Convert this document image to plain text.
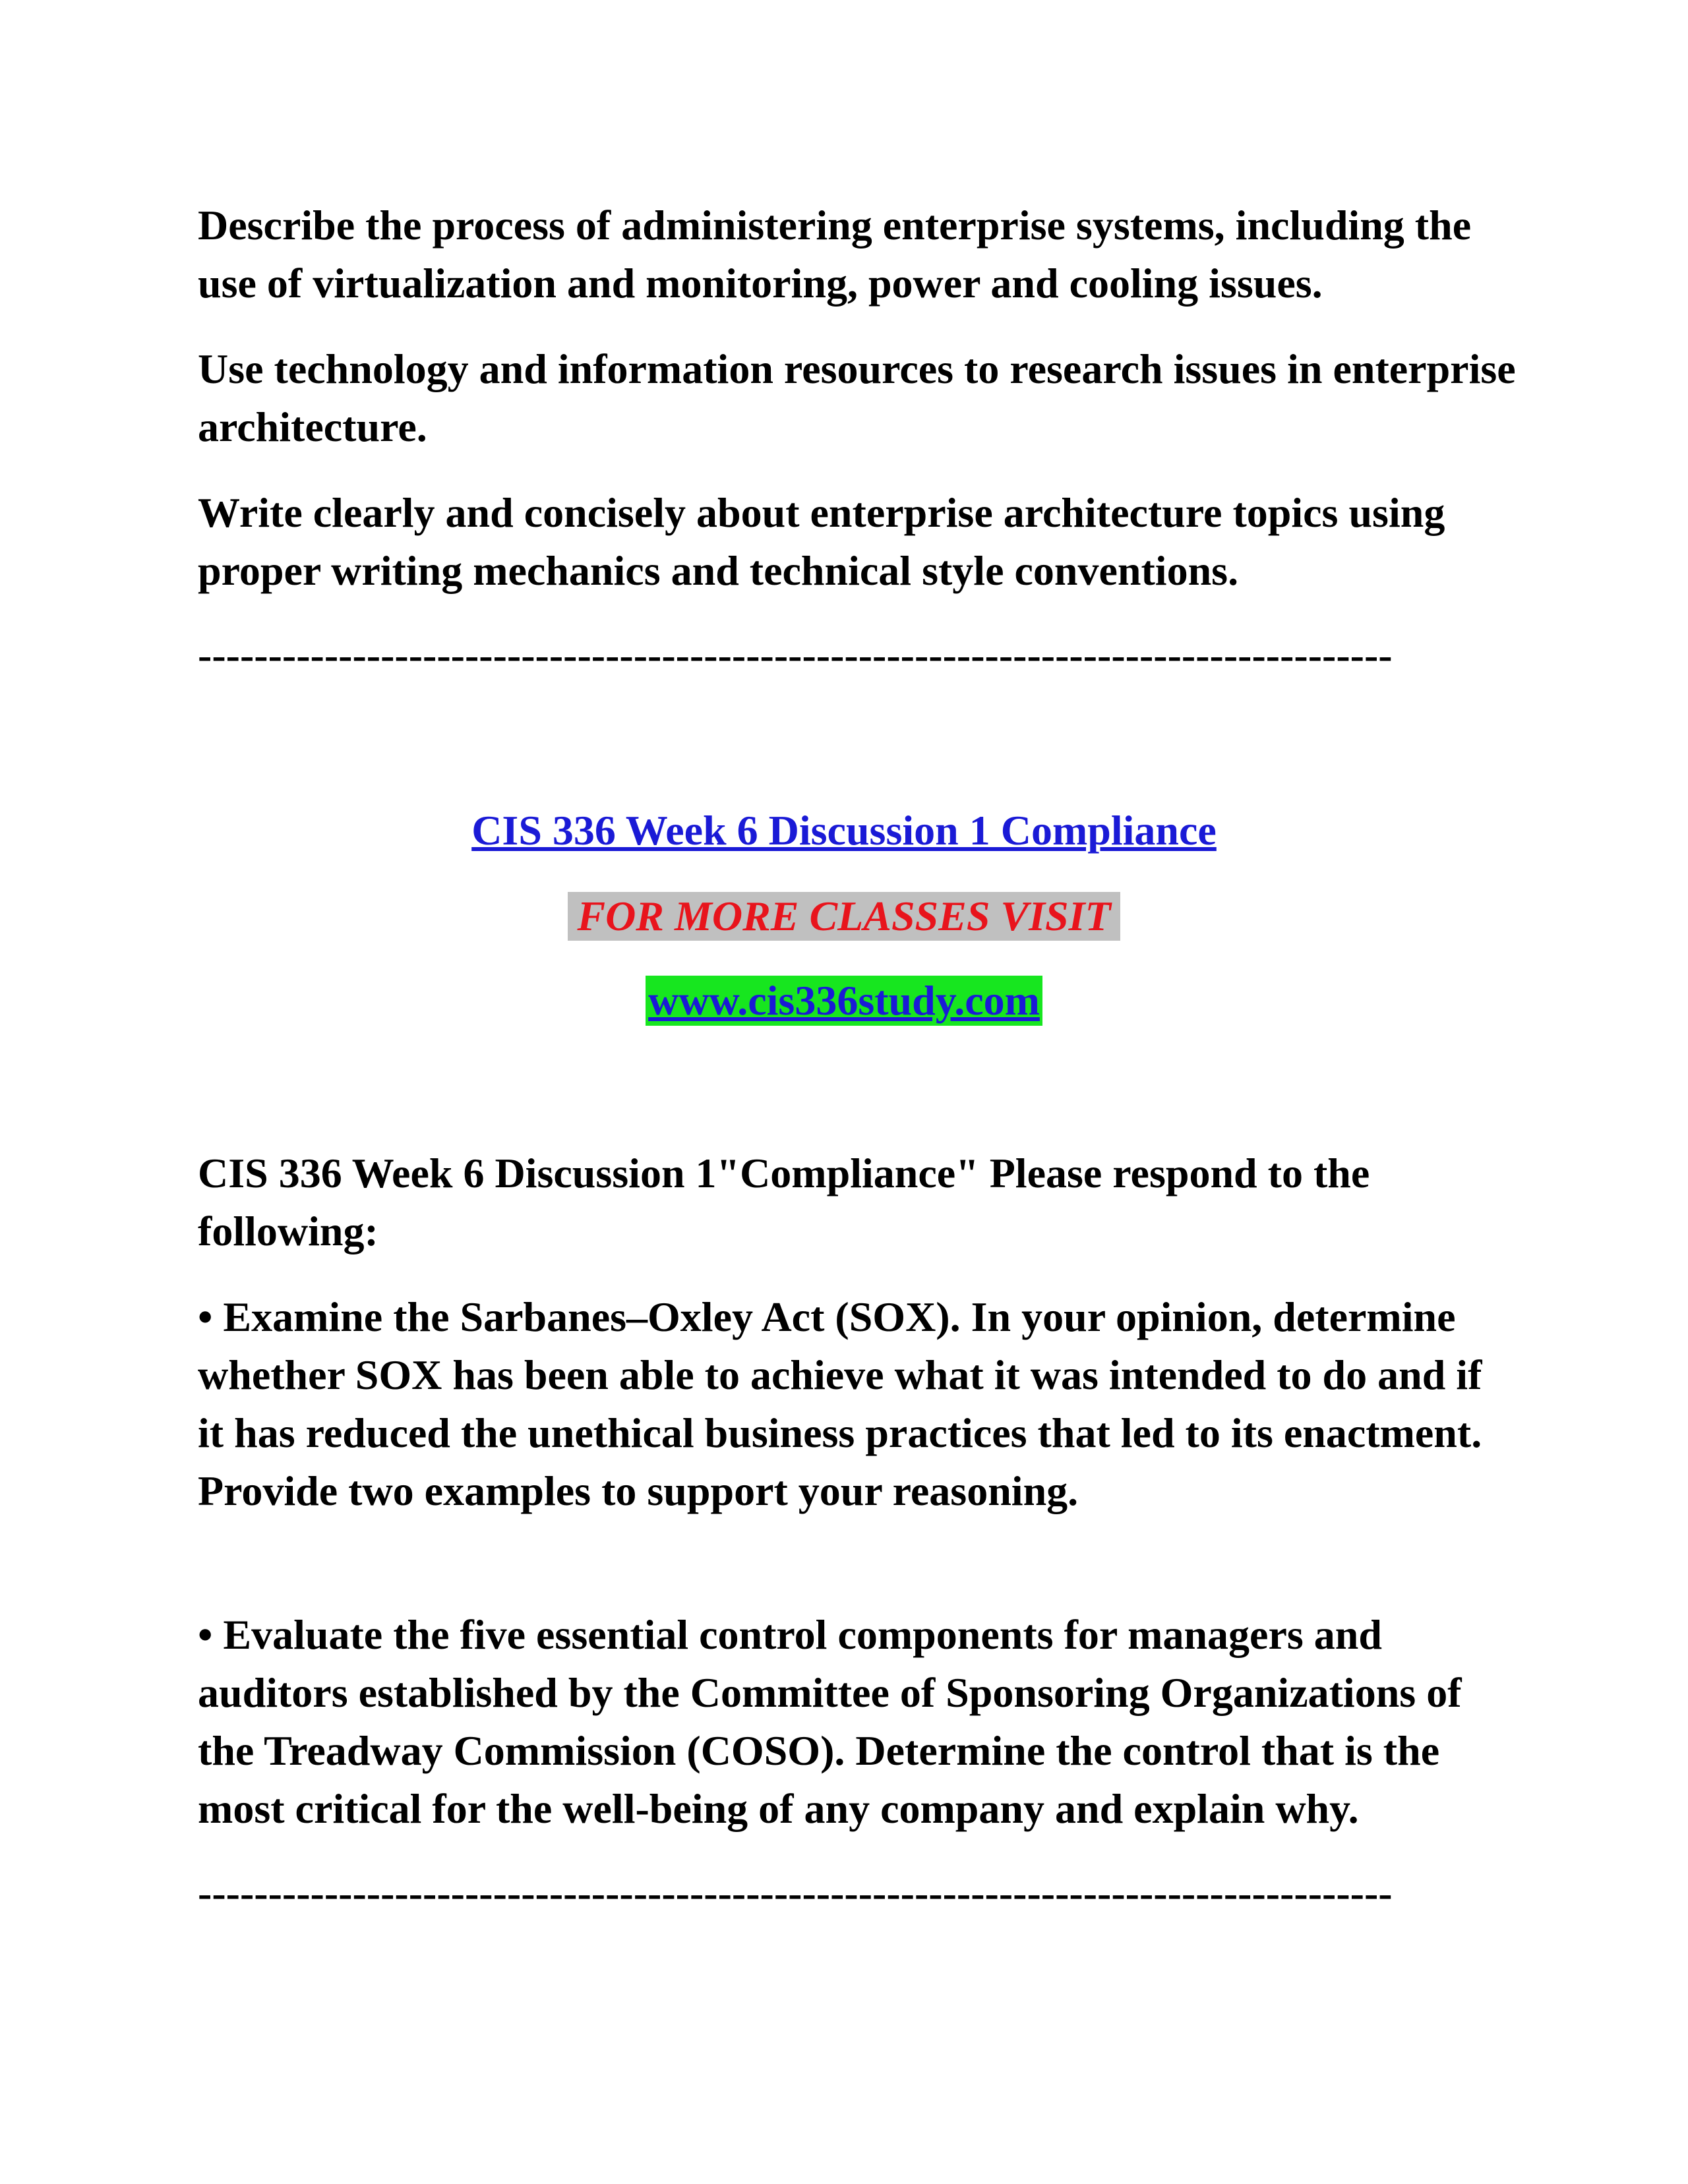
Describe the process of administering enterprise systems, including the use of virtualization and monitoring, power and cooling issues.

Use technology and information resources to research issues in enterprise architecture.

Write clearly and concisely about enterprise architecture topics using proper writing mechanics and technical style conventions.

-------------------------------------------------------------------------------------
CIS 336 Week 6 Discussion 1 Compliance
FOR MORE CLASSES VISIT
www.cis336study.com

CIS 336 Week 6 Discussion 1"Compliance" Please respond to the following:

• Examine the Sarbanes–Oxley Act (SOX). In your opinion, determine whether SOX has been able to achieve what it was intended to do and if it has reduced the unethical business practices that led to its enactment. Provide two examples to support your reasoning.

• Evaluate the five essential control components for managers and auditors established by the Committee of Sponsoring Organizations of the Treadway Commission (COSO). Determine the control that is the most critical for the well-being of any company and explain why.

-------------------------------------------------------------------------------------
